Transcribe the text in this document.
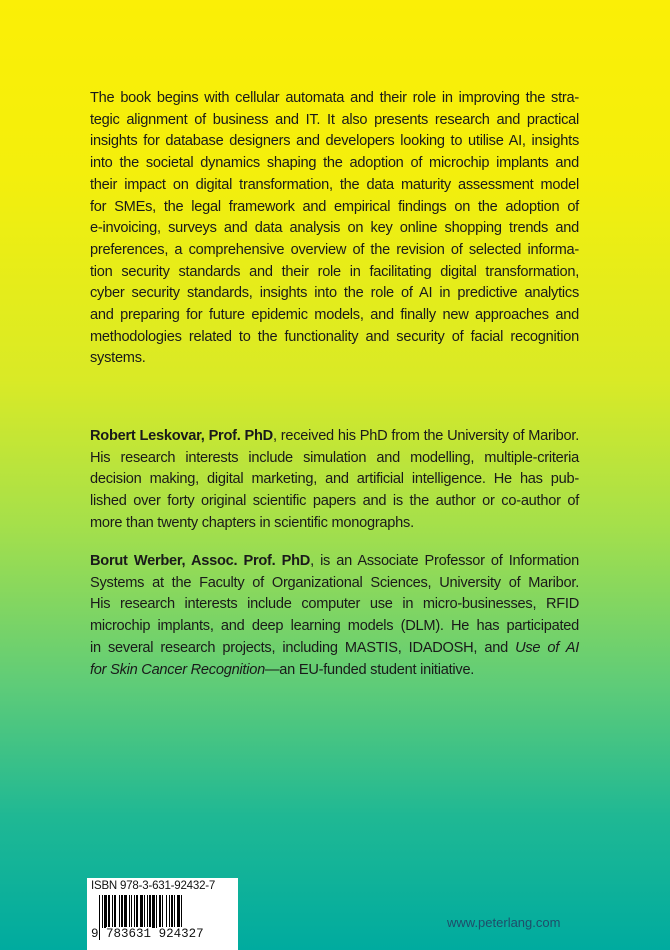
The book begins with cellular automata and their role in improving the stra-
tegic alignment of business and IT. It also presents research and practical
insights for database designers and developers looking to utilise AI, insights
into the societal dynamics shaping the adoption of microchip implants and
their impact on digital transformation, the data maturity assessment model
for SMEs, the legal framework and empirical findings on the adoption of
e-invoicing, surveys and data analysis on key online shopping trends and
preferences, a comprehensive overview of the revision of selected informa-
tion security standards and their role in facilitating digital transformation,
cyber security standards, insights into the role of AI in predictive analytics
and preparing for future epidemic models, and finally new approaches and
methodologies related to the functionality and security of facial recognition
systems.
Robert Leskovar, Prof. PhD, received his PhD from the University of Maribor.
His research interests include simulation and modelling, multiple-criteria
decision making, digital marketing, and artificial intelligence. He has pub-
lished over forty original scientific papers and is the author or co-author of
more than twenty chapters in scientific monographs.
Borut Werber, Assoc. Prof. PhD, is an Associate Professor of Information
Systems at the Faculty of Organizational Sciences, University of Maribor.
His research interests include computer use in micro-businesses, RFID
microchip implants, and deep learning models (DLM). He has participated
in several research projects, including MASTIS, IDADOSH, and Use of AI
for Skin Cancer Recognition—an EU-funded student initiative.
ISBN 978-3-631-92432-7
9 783631 924327
www.peterlang.com
